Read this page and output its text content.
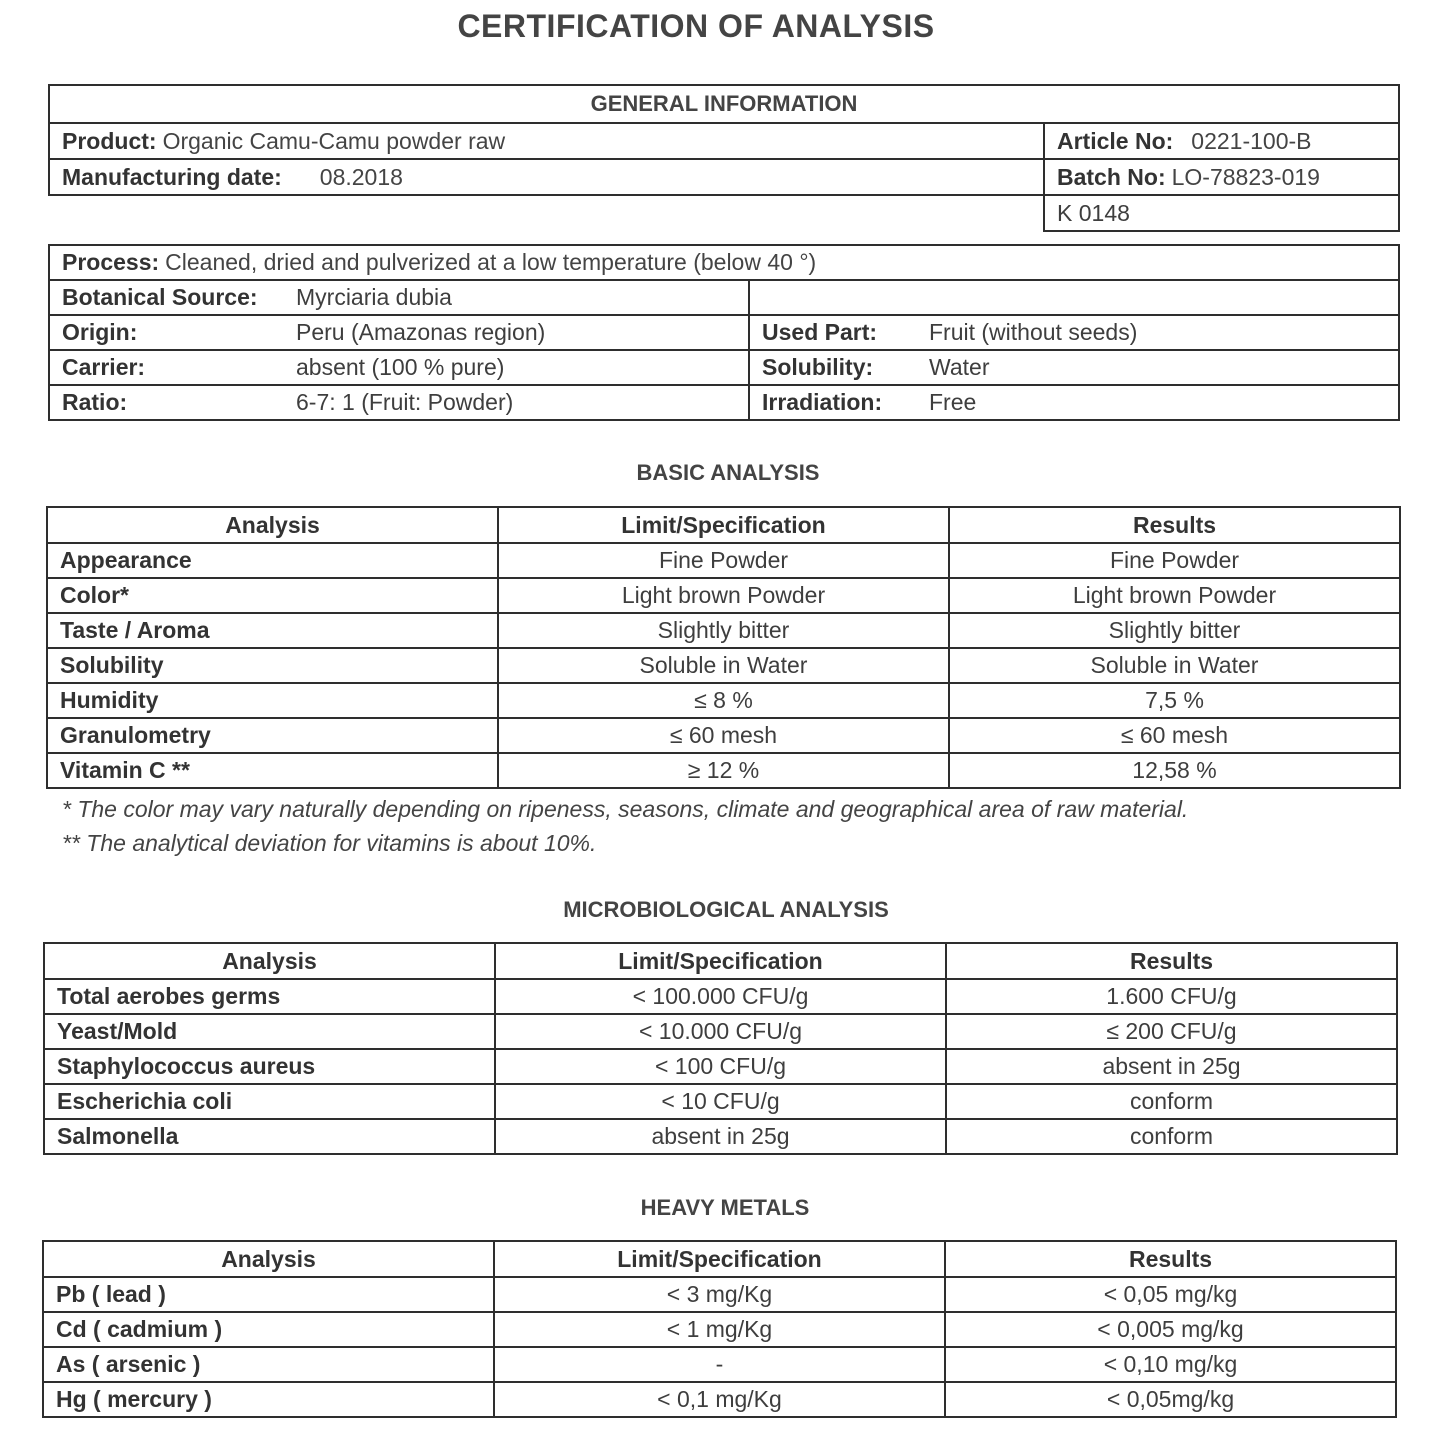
CERTIFICATION OF ANALYSIS
GENERAL INFORMATION	
Product: Organic Camu-Camu powder raw	Article No: 0221-100-B
Manufacturing date: 08.2018	Batch No: LO-78823-019
	K 0148
Process: Cleaned, dried and pulverized at a low temperature (below 40 °)			
Botanical Source:	Myrciaria dubia		
Origin:	Peru (Amazonas region)	Used Part:	Fruit (without seeds)
Carrier:	absent (100 % pure)	Solubility:	Water
Ratio:	6-7: 1 (Fruit: Powder)	Irradiation:	Free
BASIC ANALYSIS
Analysis	Limit/Specification	Results
Appearance	Fine Powder	Fine Powder
Color*	Light brown Powder	Light brown Powder
Taste / Aroma	Slightly bitter	Slightly bitter
Solubility	Soluble in Water	Soluble in Water
Humidity	≤ 8 %	7,5 %
Granulometry	≤ 60 mesh	≤ 60 mesh
Vitamin C **	≥ 12 %	12,58 %
* The color may vary naturally depending on ripeness, seasons, climate and geographical area of raw material.
** The analytical deviation for vitamins is about 10%.
MICROBIOLOGICAL ANALYSIS
Analysis	Limit/Specification	Results
Total aerobes germs	< 100.000 CFU/g	1.600 CFU/g
Yeast/Mold	< 10.000 CFU/g	≤ 200 CFU/g
Staphylococcus aureus	< 100 CFU/g	absent in 25g
Escherichia coli	< 10 CFU/g	conform
Salmonella	absent in 25g	conform
HEAVY METALS
Analysis	Limit/Specification	Results
Pb ( lead )	< 3 mg/Kg	< 0,05 mg/kg
Cd ( cadmium )	< 1 mg/Kg	< 0,005 mg/kg
As ( arsenic )	-	< 0,10 mg/kg
Hg ( mercury )	< 0,1 mg/Kg	< 0,05mg/kg
